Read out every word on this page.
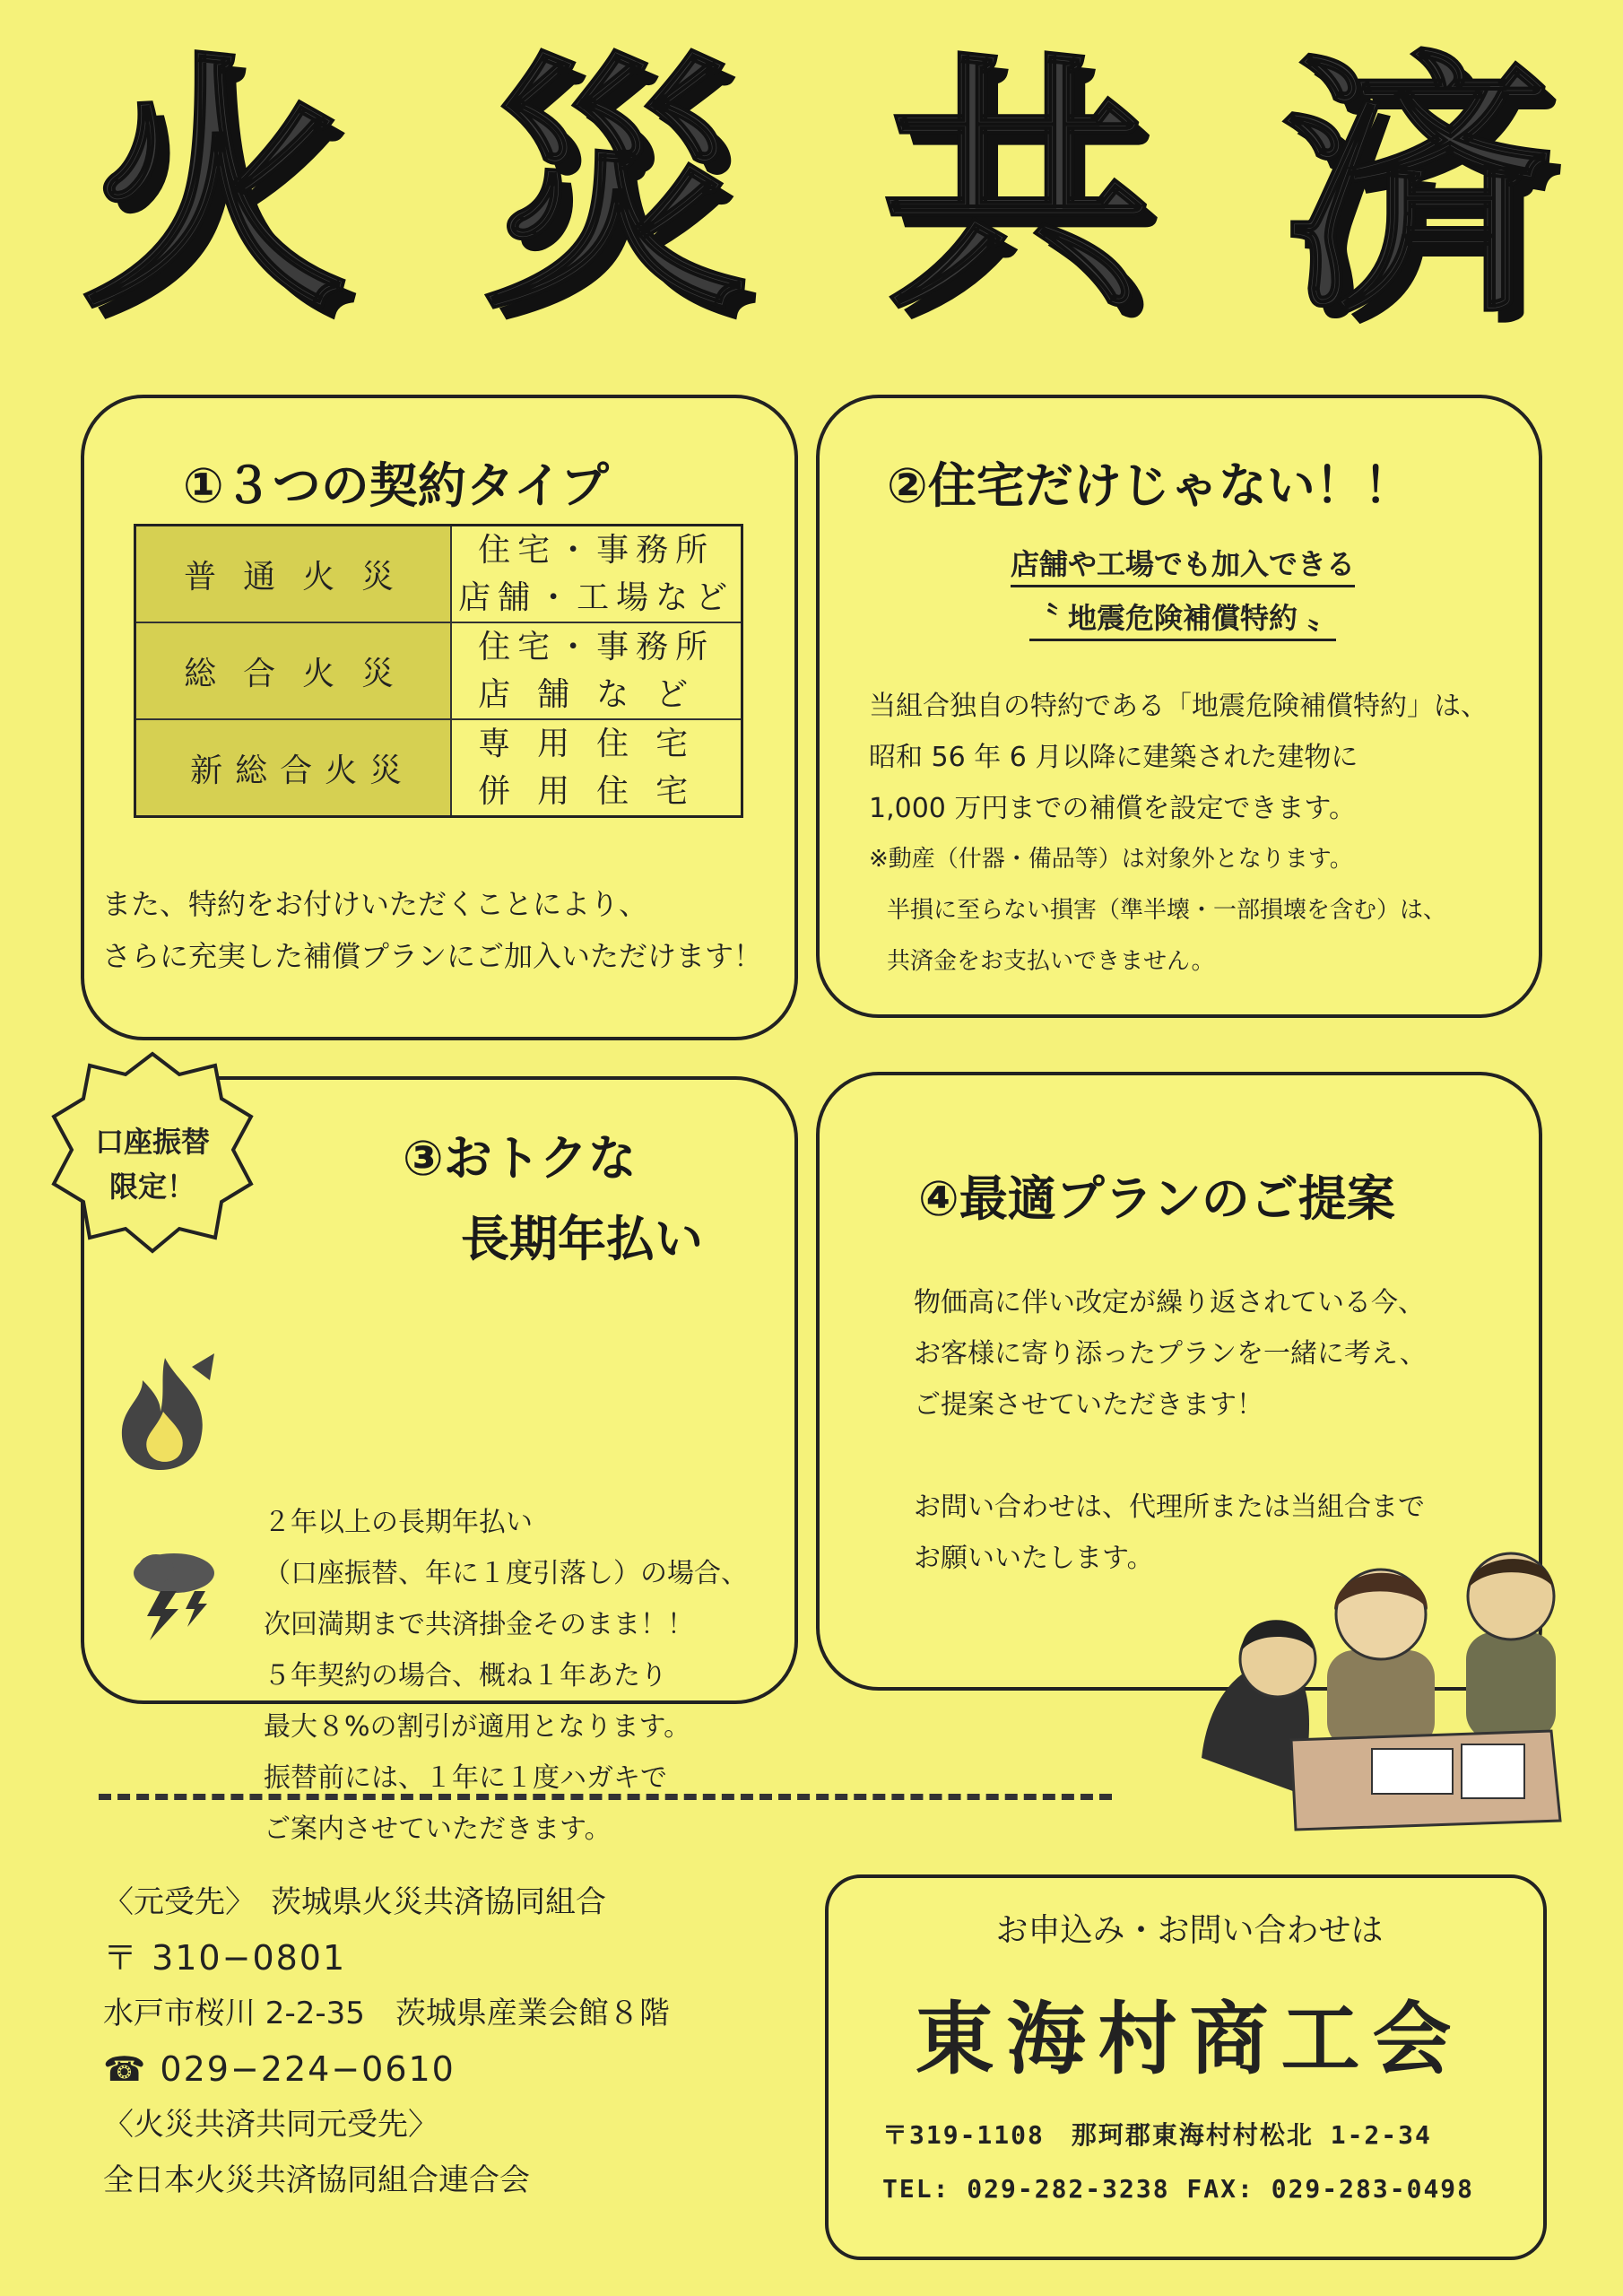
火 災 共 済
①３つの契約タイプ
普通火災	住宅・事務所
店舗・工場など

総合火災	住宅・事務所
店舗など

新総合火災	専用住宅
併用住宅
また、特約をお付けいただくことにより、
さらに充実した補償プランにご加入いただけます！
②住宅だけじゃない！！
店舗や工場でも加入できる
〝 地震危険補償特約 〟
当組合独自の特約である「地震危険補償特約」は、
昭和 56 年 6 月以降に建築された建物に
1,000 万円までの補償を設定できます。
※動産（什器・備品等）は対象外となります。
半損に至らない損害（準半壊・一部損壊を含む）は、
共済金をお支払いできません。
③おトクな
長期年払い
２年以上の長期年払い
（口座振替、年に１度引落し）の場合、
次回満期まで共済掛金そのまま！！
５年契約の場合、概ね１年あたり
最大８%の割引が適用となります。
振替前には、１年に１度ハガキで
ご案内させていただきます。
口座振替
限定！	④最適プランのご提案
物価高に伴い改定が繰り返されている今、
お客様に寄り添ったプランを一緒に考え、
ご提案させていただきます！
お問い合わせは、代理所または当組合まで
お願いいたします。
〈元受先〉　茨城県火災共済協同組合
〒 310−0801
水戸市桜川 2-2-35　茨城県産業会館８階
☎ 029−224−0610
〈火災共済共同元受先〉
全日本火災共済協同組合連合会
お申込み・お問い合わせは
東海村商工会
〒319-1108　那珂郡東海村村松北 1-2-34
TEL: 029-282-3238 FAX: 029-283-0498
